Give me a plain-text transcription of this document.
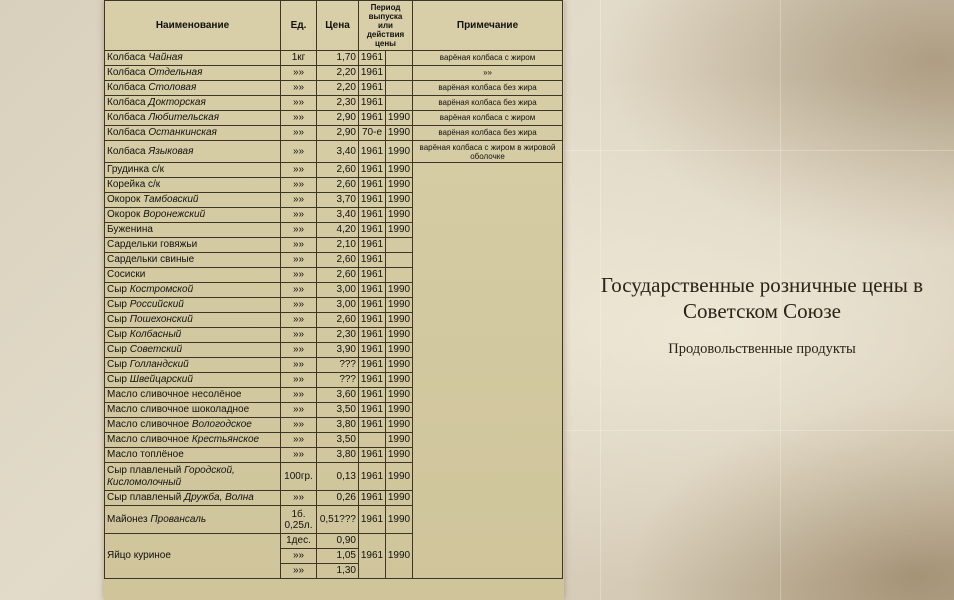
Наименование	Ед.	Цена	Период выпуска или действия цены		Примечание	
Колбаса Чайная	1кг	1,70	1961		варёная колбаса с жиром	
Колбаса Отдельная	»»	2,20	1961		»»	
Колбаса Столовая	»»	2,20	1961		варёная колбаса без жира	
Колбаса Докторская	»»	2,30	1961		варёная колбаса без жира	
Колбаса Любительская	»»	2,90	1961	1990	варёная колбаса с жиром	
Колбаса Останкинская	»»	2,90	70-е	1990	варёная колбаса без жира	
Колбаса Языковая	»»	3,40	1961	1990	варёная колбаса с жиром в жировой оболочке	
Грудинка с/к	»»	2,60	1961	1990		
Корейка с/к	»»	2,60	1961	1990		
Окорок Тамбовский	»»	3,70	1961	1990		
Окорок Воронежский	»»	3,40	1961	1990		
Буженина	»»	4,20	1961	1990		
Сардельки говяжьи	»»	2,10	1961			
Сардельки свиные	»»	2,60	1961			
Сосиски	»»	2,60	1961			
Сыр Костромской	»»	3,00	1961	1990		
Сыр Российский	»»	3,00	1961	1990		
Сыр Пошехонский	»»	2,60	1961	1990		
Сыр Колбасный	»»	2,30	1961	1990		
Сыр Советский	»»	3,90	1961	1990		
Сыр Голландский	»»	???	1961	1990		
Сыр Швейцарский	»»	???	1961	1990		
Масло сливочное несолёное	»»	3,60	1961	1990		
Масло сливочное шоколадное	»»	3,50	1961	1990		
Масло сливочное Вологодское	»»	3,80	1961	1990		
Масло сливочное Крестьянское	»»	3,50		1990		
Масло топлёное	»»	3,80	1961	1990		
Сыр плавленый Городской, Кисломолочный	100гр.	0,13	1961	1990		
Сыр плавленый Дружба, Волна	»»	0,26	1961	1990		
Майонез Провансаль	1б. 0,25л.	0,51???	1961	1990		
Яйцо куриное	1дес.	0,90	1961	1990		
	»»	1,05				
	»»	1,30	
Государственные розничные цены в Советском Союзе
Продовольственные продукты
